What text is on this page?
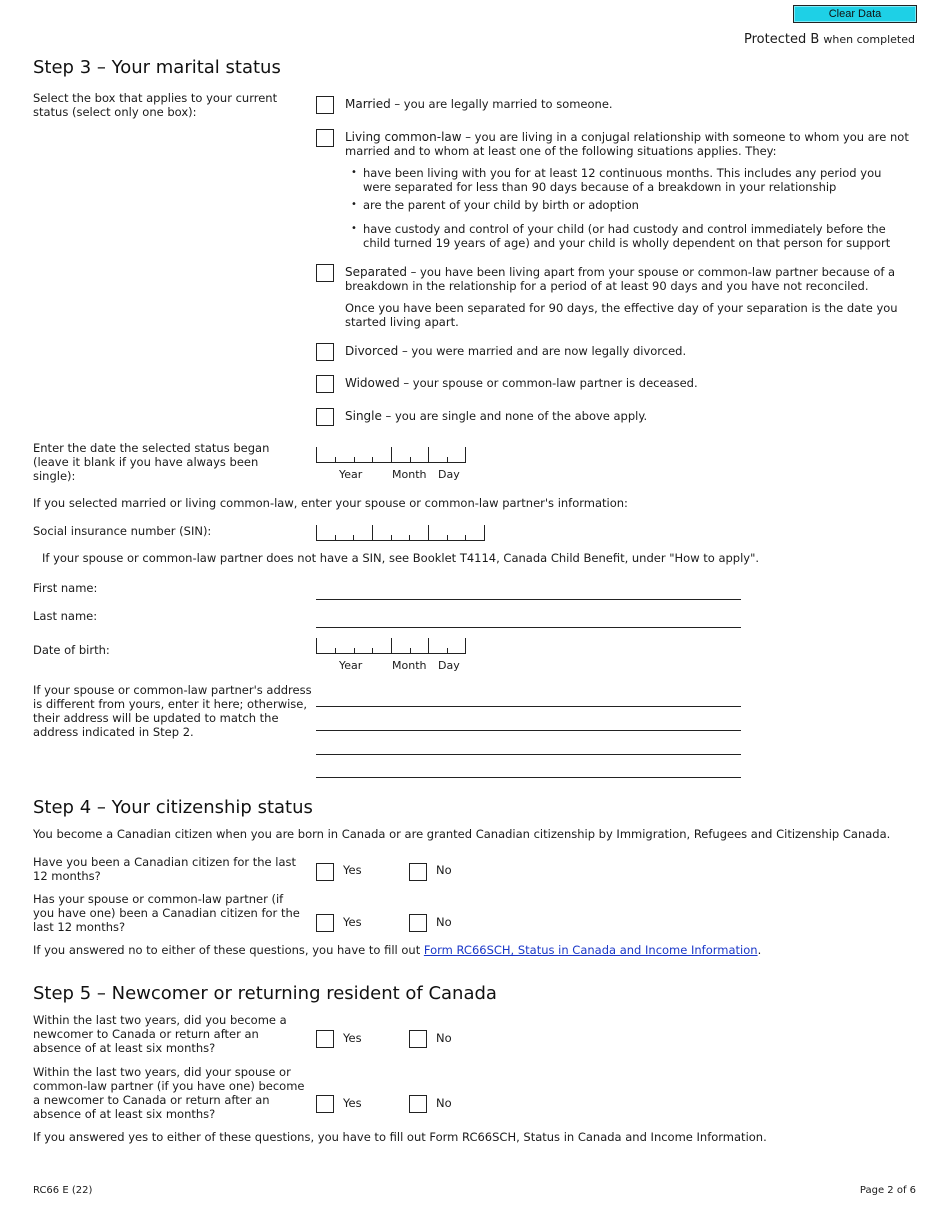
Clear Data
Protected B when completed
Step 3 – Your marital status
Select the box that applies to your current status (select only one box):
Married – you are legally married to someone.
Living common-law – you are living in a conjugal relationship with someone to whom you are not married and to whom at least one of the following situations applies. They:
• have been living with you for at least 12 continuous months. This includes any period you were separated for less than 90 days because of a breakdown in your relationship
• are the parent of your child by birth or adoption
• have custody and control of your child (or had custody and control immediately before the child turned 19 years of age) and your child is wholly dependent on that person for support
Separated – you have been living apart from your spouse or common-law partner because of a breakdown in the relationship for a period of at least 90 days and you have not reconciled.
Once you have been separated for 90 days, the effective day of your separation is the date you started living apart.
Divorced – you were married and are now legally divorced.
Widowed – your spouse or common-law partner is deceased.
Single – you are single and none of the above apply.
Enter the date the selected status began (leave it blank if you have always been single):	Year	Month Day
If you selected married or living common-law, enter your spouse or common-law partner's information:
Social insurance number (SIN):
If your spouse or common-law partner does not have a SIN, see Booklet T4114, Canada Child Benefit, under "How to apply".
First name:
Last name:
Date of birth:
Year	Month Day
If your spouse or common-law partner's address is different from yours, enter it here; otherwise, their address will be updated to match the address indicated in Step 2.
Step 4 – Your citizenship status
You become a Canadian citizen when you are born in Canada or are granted Canadian citizenship by Immigration, Refugees and Citizenship Canada.
Have you been a Canadian citizen for the last 12 months?	Yes	No
Has your spouse or common-law partner (if you have one) been a Canadian citizen for the last 12 months?	Yes	No
If you answered no to either of these questions, you have to fill out Form RC66SCH, Status in Canada and Income Information.
Step 5 – Newcomer or returning resident of Canada
Within the last two years, did you become a newcomer to Canada or return after an absence of at least six months?
Yes	No
Within the last two years, did your spouse or common-law partner (if you have one) become a newcomer to Canada or return after an absence of at least six months?
Yes	No
If you answered yes to either of these questions, you have to fill out Form RC66SCH, Status in Canada and Income Information.
RC66 E (22)	Page 2 of 6
